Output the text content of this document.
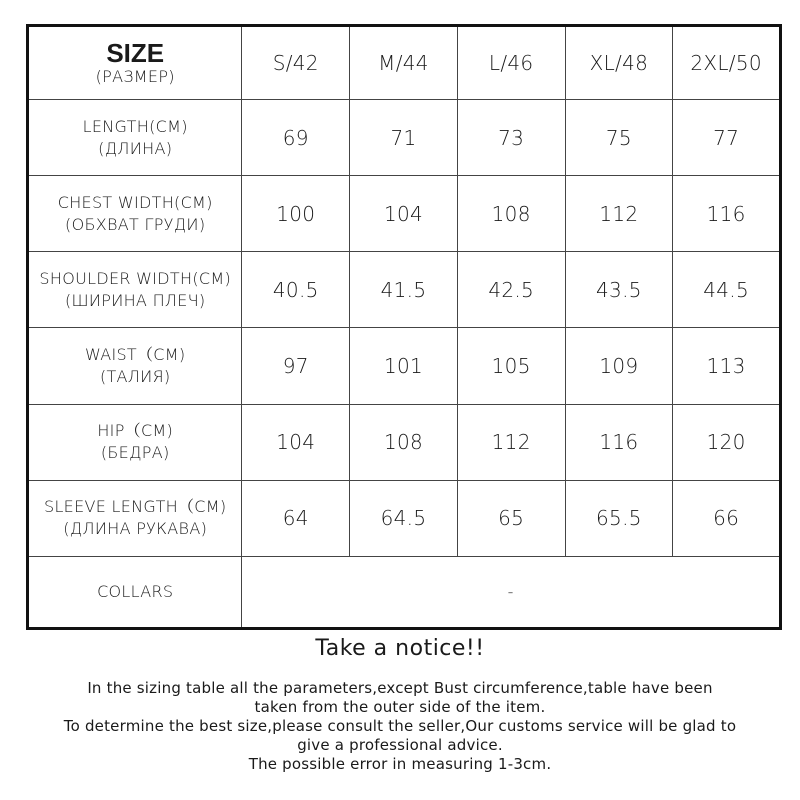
SIZE
(РАЗМЕР)	S/42	M/44	L/46	XL/48	2XL/50

LENGTH(CM)
(ДЛИНА)	69	71	73	75	77

CHEST WIDTH(CM)
(ОБХВАТ ГРУДИ)	100	104	108	112	116

SHOULDER WIDTH(CM)
(ШИРИНА ПЛЕЧ)	40.5	41.5	42.5	43.5	44.5

WAIST（CM)
(ТАЛИЯ)	97	101	105	109	113

HIP（CM)
(БЕДРА)	104	108	112	116	120

SLEEVE LENGTH（CM)
(ДЛИНА РУКАВА)	64	64.5	65	65.5	66
COLLARS	-				
Take a notice!!
In the sizing table all the parameters,except Bust circumference,table have been
taken from the outer side of the item.
To determine the best size,please consult the seller,Our customs service will be glad to
give a professional advice.
The possible error in measuring 1-3cm.
